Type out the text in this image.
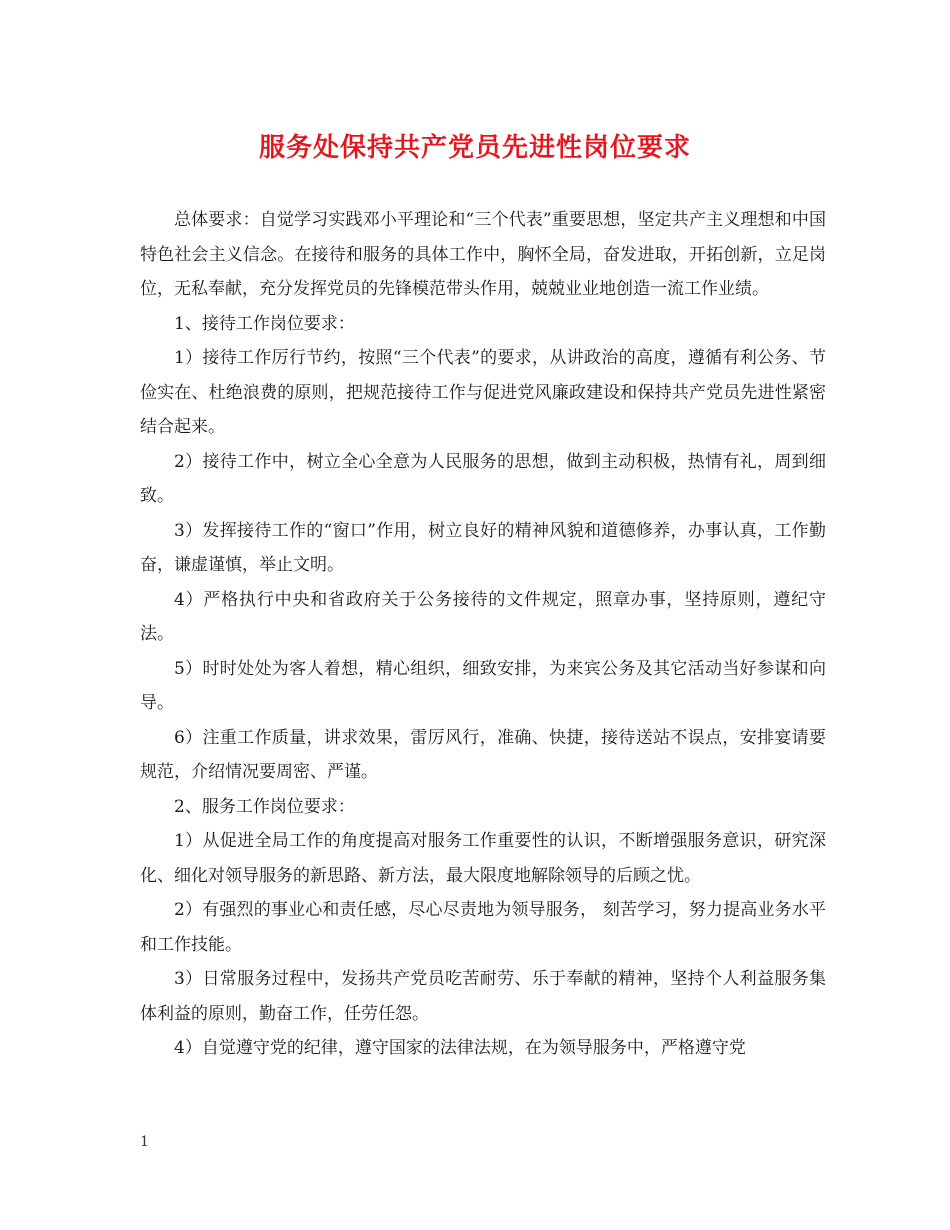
服务处保持共产党员先进性岗位要求

总体要求：自觉学习实践邓小平理论和“三个代表”重要思想，坚定共产主义理想和中国特色社会主义信念。在接待和服务的具体工作中，胸怀全局，奋发进取，开拓创新，立足岗位，无私奉献，充分发挥党员的先锋模范带头作用，兢兢业业地创造一流工作业绩。

1、接待工作岗位要求：

1）接待工作厉行节约，按照“三个代表”的要求，从讲政治的高度，遵循有利公务、节俭实在、杜绝浪费的原则，把规范接待工作与促进党风廉政建设和保持共产党员先进性紧密结合起来。

2）接待工作中，树立全心全意为人民服务的思想，做到主动积极，热情有礼，周到细致。

3）发挥接待工作的“窗口”作用，树立良好的精神风貌和道德修养，办事认真，工作勤奋，谦虚谨慎，举止文明。

4）严格执行中央和省政府关于公务接待的文件规定，照章办事，坚持原则，遵纪守法。

5）时时处处为客人着想，精心组织，细致安排，为来宾公务及其它活动当好参谋和向导。

6）注重工作质量，讲求效果，雷厉风行，准确、快捷，接待送站不误点，安排宴请要规范，介绍情况要周密、严谨。

2、服务工作岗位要求：

1）从促进全局工作的角度提高对服务工作重要性的认识，不断增强服务意识，研究深化、细化对领导服务的新思路、新方法，最大限度地解除领导的后顾之忧。

2）有强烈的事业心和责任感，尽心尽责地为领导服务， 刻苦学习，努力提高业务水平和工作技能。

3）日常服务过程中，发扬共产党员吃苦耐劳、乐于奉献的精神，坚持个人利益服务集体利益的原则，勤奋工作，任劳任怨。

4）自觉遵守党的纪律，遵守国家的法律法规，在为领导服务中，严格遵守党

1
